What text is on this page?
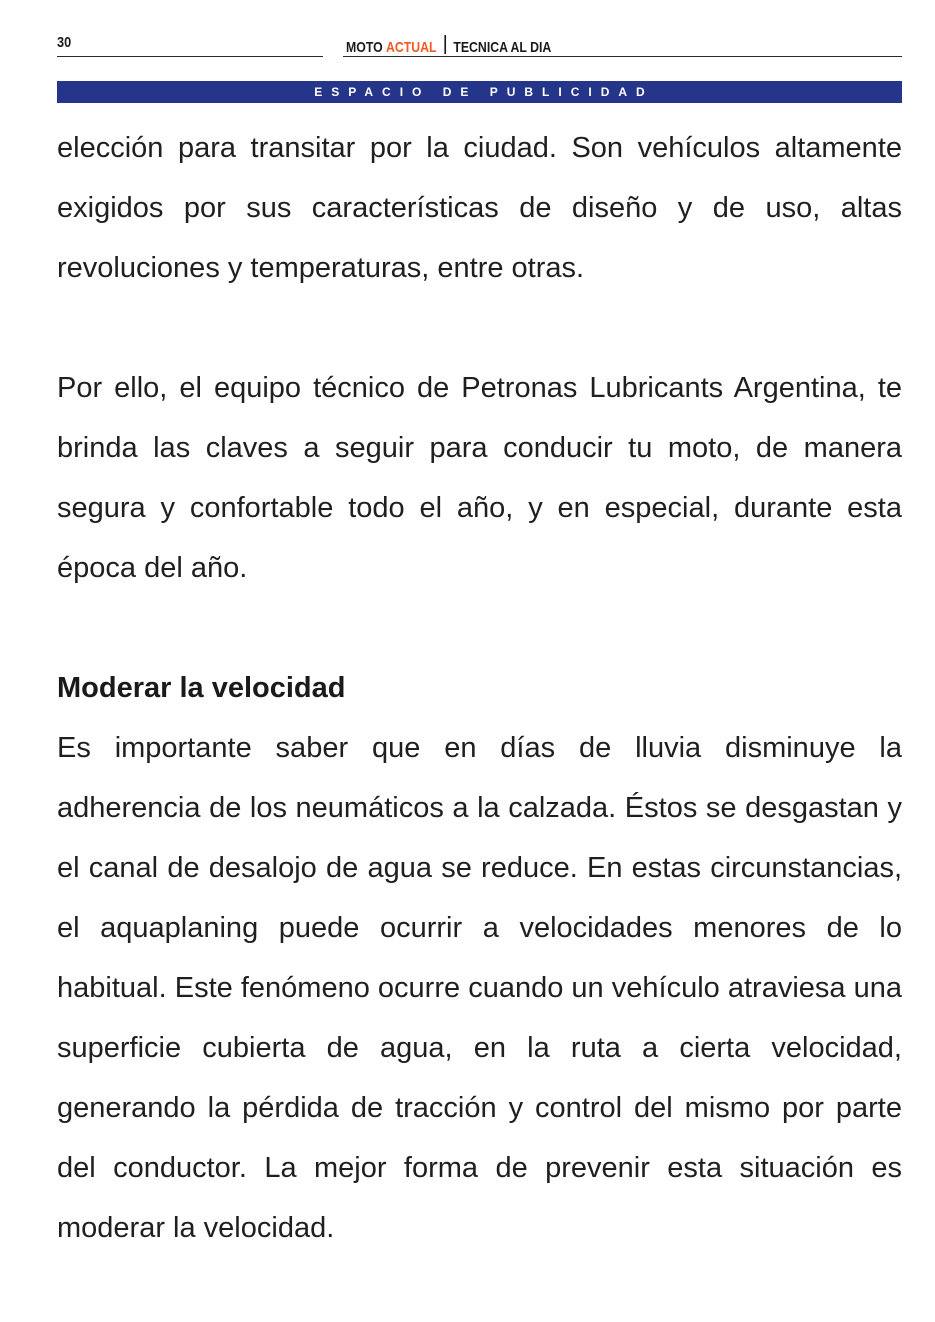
30	MOTO ACTUAL TECNICA AL DIA
ESPACIO DE PUBLICIDAD

elección para transitar por la ciudad. Son vehículos altamente exigidos por sus características de diseño y de uso, altas revoluciones y temperaturas, entre otras.

Por ello, el equipo técnico de Petronas Lubricants Argentina, te brinda las claves a seguir para conducir tu moto, de manera segura y confortable todo el año, y en especial, durante esta época del año.

Moderar la velocidad

Es importante saber que en días de lluvia disminuye la adherencia de los neumáticos a la calzada. Éstos se desgastan y el canal de desalojo de agua se reduce. En estas circunstancias, el aquaplaning puede ocurrir a velocidades menores de lo habitual. Este fenómeno ocurre cuando un vehículo atraviesa una superficie cubierta de agua, en la ruta a cierta velocidad, generando la pérdida de tracción y control del mismo por parte del conductor. La mejor forma de prevenir esta situación es moderar la velocidad.
